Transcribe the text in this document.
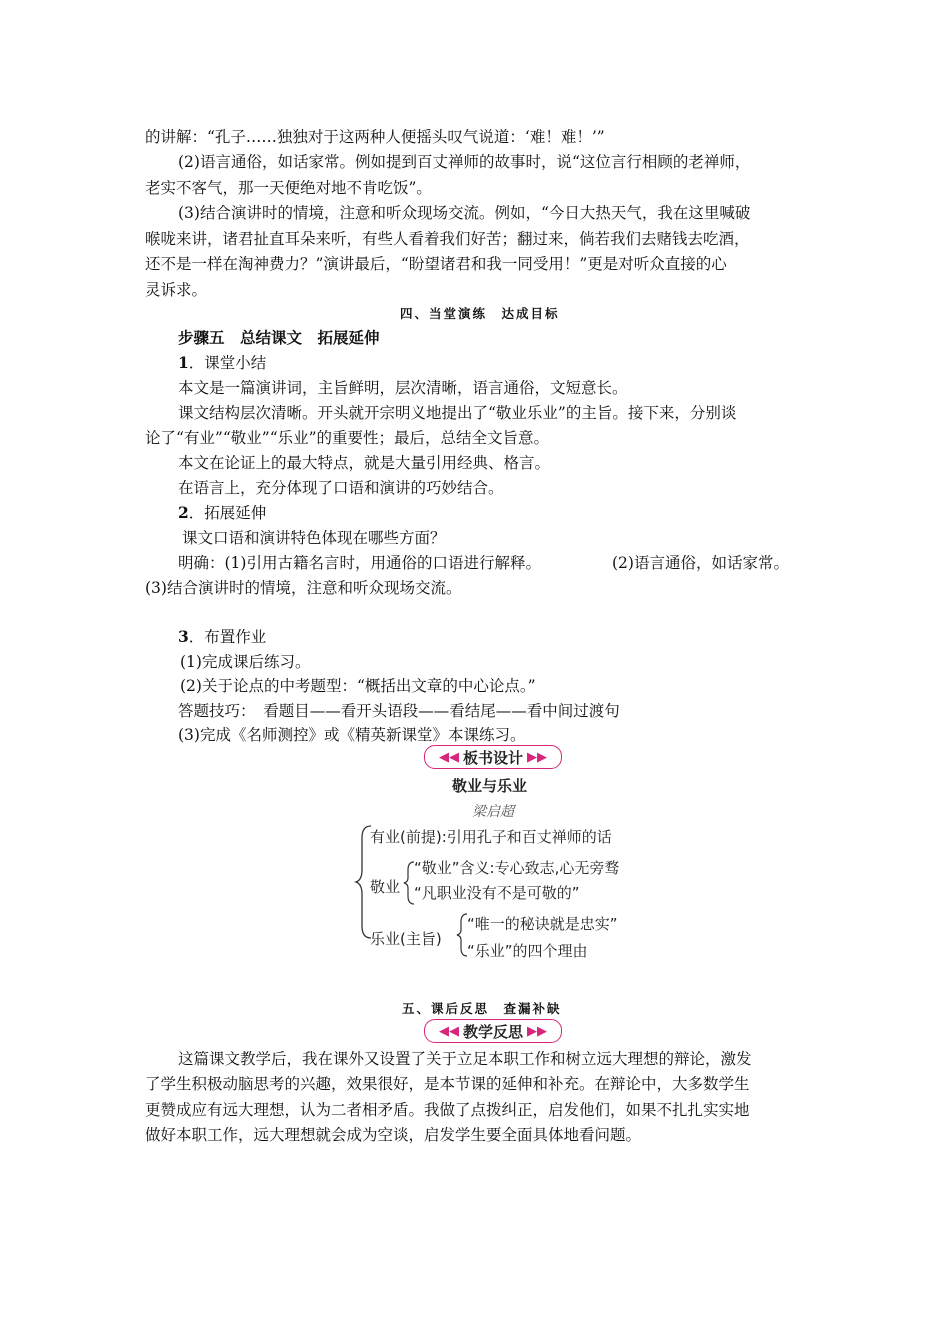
的讲解：“孔子……独独对于这两种人便摇头叹气说道：‘难！难！’”
(2)语言通俗，如话家常。例如提到百丈禅师的故事时，说“这位言行相顾的老禅师，
老实不客气，那一天便绝对地不肯吃饭”。
(3)结合演讲时的情境，注意和听众现场交流。例如，“今日大热天气，我在这里喊破
喉咙来讲，诸君扯直耳朵来听，有些人看着我们好苦；翻过来，倘若我们去赌钱去吃酒，
还不是一样在淘神费力？”演讲最后，“盼望诸君和我一同受用！”更是对听众直接的心
灵诉求。
四、当堂演练　达成目标
步骤五　总结课文　拓展延伸
1．课堂小结
本文是一篇演讲词，主旨鲜明，层次清晰，语言通俗，文短意长。
课文结构层次清晰。开头就开宗明义地提出了“敬业乐业”的主旨。接下来，分别谈
论了“有业”“敬业”“乐业”的重要性；最后，总结全文旨意。
本文在论证上的最大特点，就是大量引用经典、格言。
在语言上，充分体现了口语和演讲的巧妙结合。
2．拓展延伸
课文口语和演讲特色体现在哪些方面？
明确：(1)引用古籍名言时，用通俗的口语进行解释。	(2)语言通俗，如话家常。
(3)结合演讲时的情境，注意和听众现场交流。
3．布置作业
(1)完成课后练习。
(2)关于论点的中考题型：“概括出文章的中心论点。”
答题技巧：　看题目——看开头语段——看结尾——看中间过渡句
(3)完成《名师测控》或《精英新课堂》本课练习。
◀◀ 板书设计 ▶▶
敬业与乐业
梁启超
有业(前提):引用孔子和百丈禅师的话
敬业
“敬业”含义:专心致志,心无旁骛
“凡职业没有不是可敬的”
乐业(主旨)
“唯一的秘诀就是忠实”
“乐业”的四个理由
五、课后反思　查漏补缺
◀◀ 教学反思 ▶▶
这篇课文教学后，我在课外又设置了关于立足本职工作和树立远大理想的辩论，激发
了学生积极动脑思考的兴趣，效果很好，是本节课的延伸和补充。在辩论中，大多数学生
更赞成应有远大理想，认为二者相矛盾。我做了点拨纠正，启发他们，如果不扎扎实实地
做好本职工作，远大理想就会成为空谈，启发学生要全面具体地看问题。
